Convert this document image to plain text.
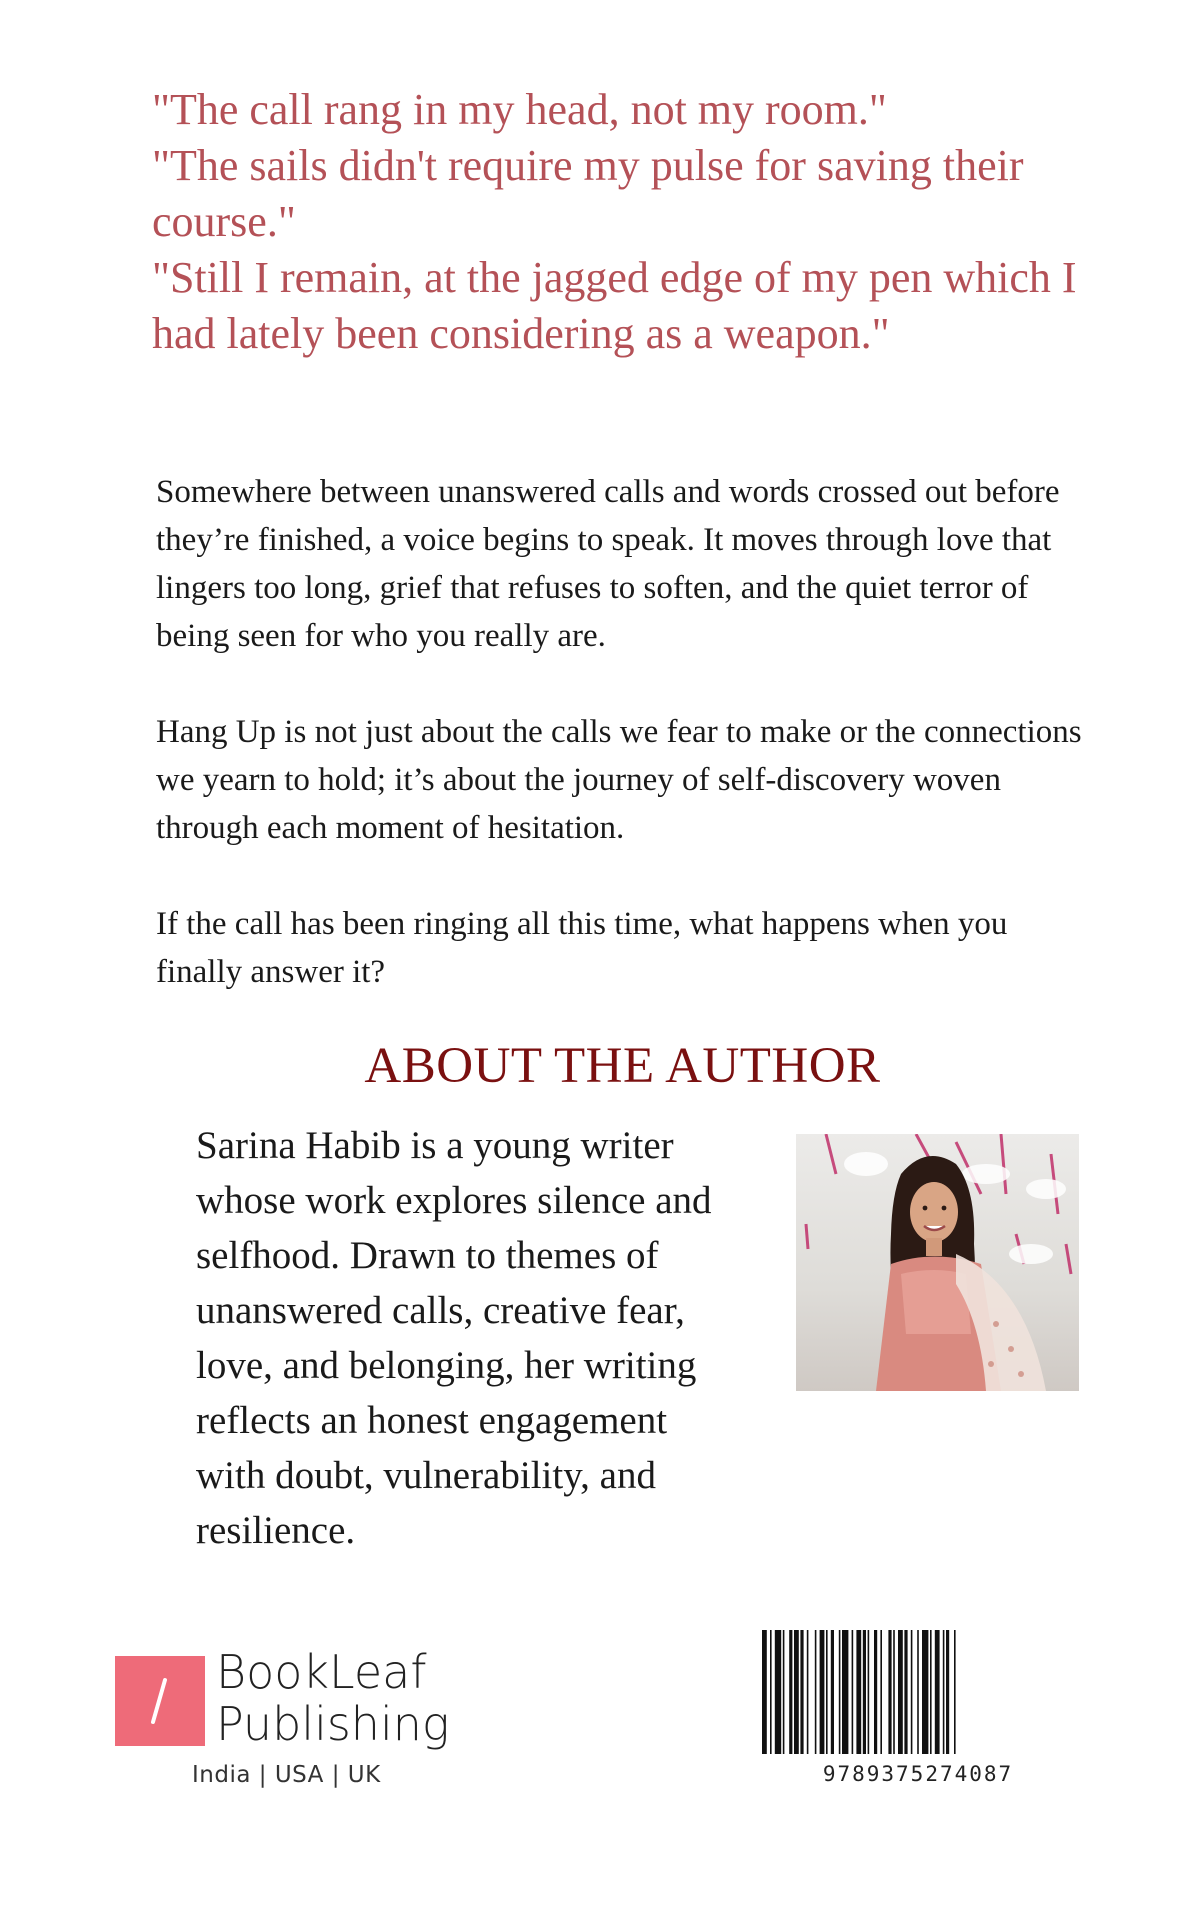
"The call rang in my head, not my room."
"The sails didn't require my pulse for saving their course."
"Still I remain, at the jagged edge of my pen which I had lately been considering as a weapon."

Somewhere between unanswered calls and words crossed out before they’re finished, a voice begins to speak. It moves through love that lingers too long, grief that refuses to soften, and the quiet terror of being seen for who you really are.

Hang Up is not just about the calls we fear to make or the connections we yearn to hold; it’s about the journey of self-discovery woven through each moment of hesitation.

If the call has been ringing all this time, what happens when you finally answer it?

ABOUT THE AUTHOR
Sarina Habib is a young writer whose work explores silence and selfhood. Drawn to themes of unanswered calls, creative fear, love, and belonging, her writing reflects an honest engagement with doubt, vulnerability, and resilience.
BookLeaf
Publishing
India | USA | UK	9789375274087
